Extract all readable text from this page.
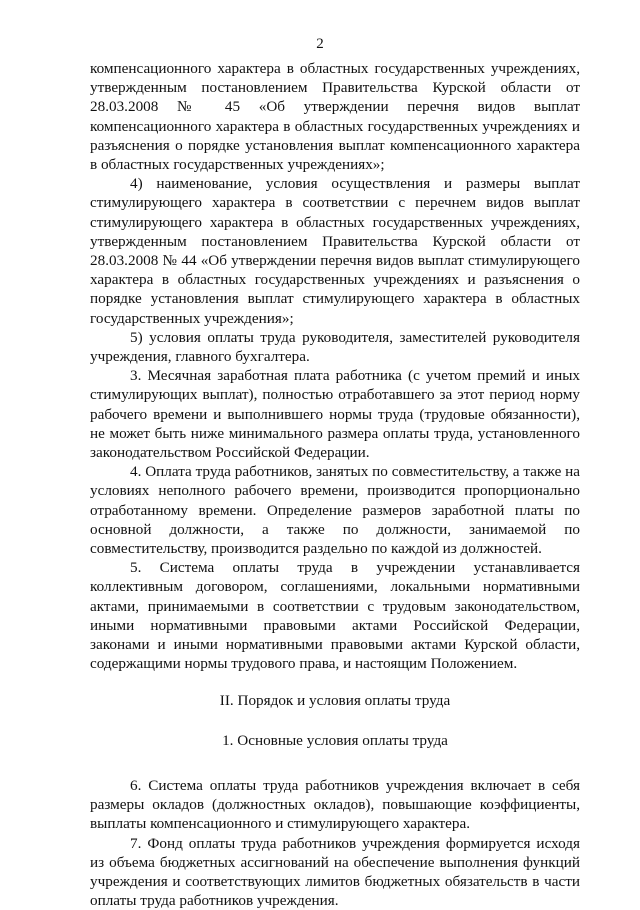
2

компенсационного характера в областных государственных учреждениях, утвержденным постановлением Правительства Курской области от 28.03.2008 № 45 «Об утверждении перечня видов выплат компенсационного характера в областных государственных учреждениях и разъяснения о порядке установления выплат компенсационного характера в областных государственных учреждениях»;

4) наименование, условия осуществления и размеры выплат стимулирующего характера в соответствии с перечнем видов выплат стимулирующего характера в областных государственных учреждениях, утвержденным постановлением Правительства Курской области от 28.03.2008 № 44 «Об утверждении перечня видов выплат стимулирующего характера в областных государственных учреждениях и разъяснения о порядке установления выплат стимулирующего характера в областных государственных учреждения»;

5) условия оплаты труда руководителя, заместителей руководителя учреждения, главного бухгалтера.

3. Месячная заработная плата работника (с учетом премий и иных стимулирующих выплат), полностью отработавшего за этот период норму рабочего времени и выполнившего нормы труда (трудовые обязанности), не может быть ниже минимального размера оплаты труда, установленного законодательством Российской Федерации.

4. Оплата труда работников, занятых по совместительству, а также на условиях неполного рабочего времени, производится пропорционально отработанному времени. Определение размеров заработной платы по основной должности, а также по должности, занимаемой по совместительству, производится раздельно по каждой из должностей.

5. Система оплаты труда в учреждении устанавливается коллективным договором, соглашениями, локальными нормативными актами, принимаемыми в соответствии с трудовым законодательством, иными нормативными правовыми актами Российской Федерации, законами и иными нормативными правовыми актами Курской области, содержащими нормы трудового права, и настоящим Положением.

II. Порядок и условия оплаты труда

1. Основные условия оплаты труда

6. Система оплаты труда работников учреждения включает в себя размеры окладов (должностных окладов), повышающие коэффициенты, выплаты компенсационного и стимулирующего характера.

7. Фонд оплаты труда работников учреждения формируется исходя из объема бюджетных ассигнований на обеспечение выполнения функций учреждения и соответствующих лимитов бюджетных обязательств в части оплаты труда работников учреждения.
